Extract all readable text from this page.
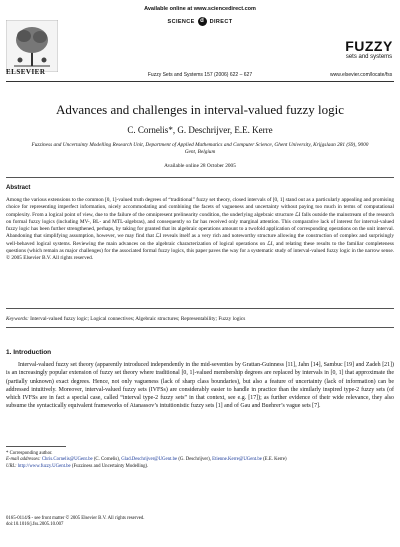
ELSEVIER
Available online at www.sciencedirect.com
SCIENCE d DIRECT
Fuzzy Sets and Systems 157 (2006) 622 – 627
FUZZY
sets and systems
www.elsevier.com/locate/fss
Advances and challenges in interval-valued fuzzy logic
C. Cornelis*, G. Deschrijver, E.E. Kerre
Fuzziness and Uncertainty Modelling Research Unit, Department of Applied Mathematics and Computer Science, Ghent University, Krijgslaan 281 (S9), 9000 Gent, Belgium
Available online 28 October 2005
Abstract
Among the various extensions to the common [0, 1]-valued truth degrees of “traditional” fuzzy set theory, closed intervals of [0, 1] stand out as a particularly appealing and promising choice for representing imperfect information, nicely accommodating and combining the facets of vagueness and uncertainty without paying too much in terms of computational complexity. From a logical point of view, due to the failure of the omnipresent prelinearity condition, the underlying algebraic structure ℒI falls outside the mainstream of the research on formal fuzzy logics (including MV-, BL- and MTL-algebras), and consequently so far has received only marginal attention. This comparative lack of interest for interval-valued fuzzy logic has been further strengthened, perhaps, by taking for granted that its algebraic operations amount to a twofold application of corresponding operations on the unit interval. Abandoning that simplifying assumption, however, we may find that ℒI reveals itself as a very rich and noteworthy structure allowing the construction of complex and surprisingly well-behaved logical systems. Reviewing the main advances on the algebraic characterization of logical operations on ℒI, and relating these results to the familiar completeness questions (which remain as major challenges) for the associated formal fuzzy logics, this paper paves the way for a systematic study of interval-valued fuzzy logic in the narrow sense.
© 2005 Elsevier B.V. All rights reserved.
Keywords: Interval-valued fuzzy logic; Logical connectives; Algebraic structures; Representability; Fuzzy logics
1. Introduction
Interval-valued fuzzy set theory (apparently introduced independently in the mid-seventies by Grattan-Guinness [11], Jahn [14], Sambuc [19] and Zadeh [21]) is an increasingly popular extension of fuzzy set theory where traditional [0, 1]-valued membership degrees are replaced by intervals in [0, 1] that approximate the (partially unknown) exact degrees. Hence, not only vagueness (lack of sharp class boundaries), but also a feature of uncertainty (lack of information) can be addressed intuitively. Moreover, interval-valued fuzzy sets (IVFSs) are considerably easier to handle in practice than the similarly inspired type-2 fuzzy sets (of which IVFSs are in fact a special case, called “interval type-2 fuzzy sets” in that context, see e.g. [17]); as further evidence of their wide relevance, they also subsume the syntactically equivalent frameworks of Atanassov’s intuitionistic fuzzy sets [1] and of Gau and Buehrer’s vague sets [7].
* Corresponding author.
E-mail addresses: Chris.Cornelis@UGent.be (C. Cornelis), Glad.Deschrijver@UGent.be (G. Deschrijver), Etienne.Kerre@UGent.be (E.E. Kerre)
URL: http://www.fuzzy.UGent.be (Fuzziness and Uncertainty Modelling).
0165-0114/$ - see front matter © 2005 Elsevier B.V. All rights reserved.
doi:10.1016/j.fss.2005.10.007
